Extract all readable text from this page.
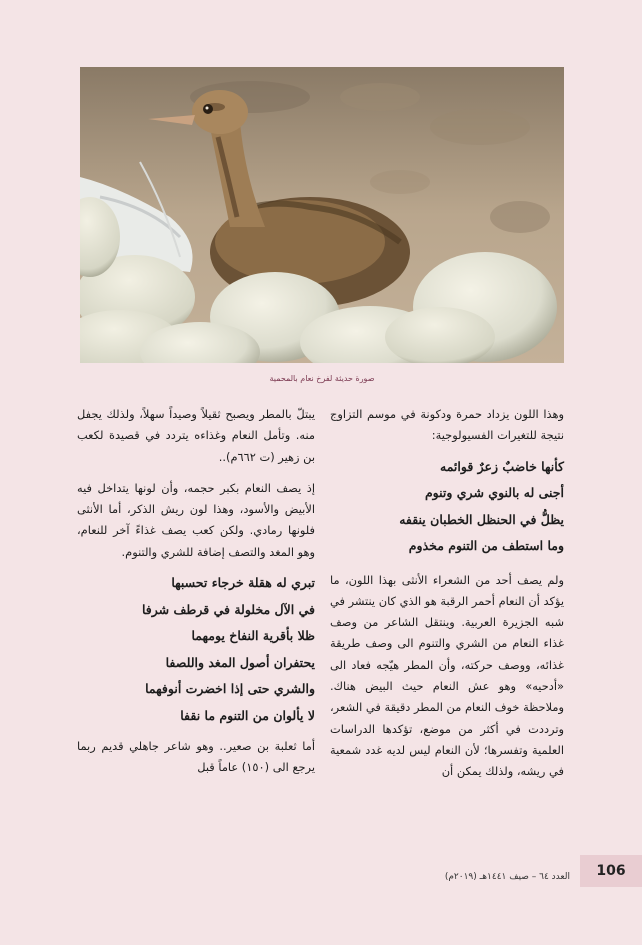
صورة حديثة لفرخ نعام بالمحمية

وهذا اللون يزداد حمرة ودكونة في موسم التزاوج نتيجة للتغيرات الفسيولوجية:

كأنها خاضبٌ زعرٌ قوائمه
أجنى له بالنوي شري وتنوم
يظلُّ في الحنظل الخطبان ينقفه
وما استطف من التنوم مخذوم

ولم يصف أحد من الشعراء الأنثى بهذا اللون، ما يؤكد أن النعام أحمر الرقبة هو الذي كان ينتشر في شبه الجزيرة العربية. وينتقل الشاعر من وصف غذاء النعام من الشري والتنوم الى وصف طريقة غذائه، ووصف حركته، وأن المطر هيّجه فعاد الى «أدحيه» وهو عش النعام حيث البيض هناك. وملاحظة خوف النعام من المطر دقيقة في الشعر، وترددت في أكثر من موضع، تؤكدها الدراسات العلمية وتفسرها؛ لأن النعام ليس لديه غدد شمعية في ريشه، ولذلك يمكن أن

يبتلّ بالمطر ويصبح ثقيلاً وصيداً سهلاً، ولذلك يجفل منه. وتأمل النعام وغذاءه يتردد في قصيدة لكعب بن زهير (ت ٦٦٢م)..

إذ يصف النعام بكبر حجمه، وأن لونها يتداخل فيه الأبيض والأسود، وهذا لون ريش الذكر، أما الأنثى فلونها رمادي. ولكن كعب يصف غذاءً آخر للنعام، وهو المغد والتصف إضافة للشري والتنوم.

تبري له هقلة خرجاء تحسبها
في الآل مخلولة في قرطف شرفا
ظلا بأقرية النفاخ يومهما
يحتفران أصول المغد واللصفا
والشري حتى إذا اخضرت أنوفهما
لا يألوان من التنوم ما نقفا

أما ثعلبة بن صعير.. وهو شاعر جاهلي قديم ربما يرجع الى (١٥٠) عاماً قبل

106
العدد ٦٤ – صيف ١٤٤١هـ (٢٠١٩م)
